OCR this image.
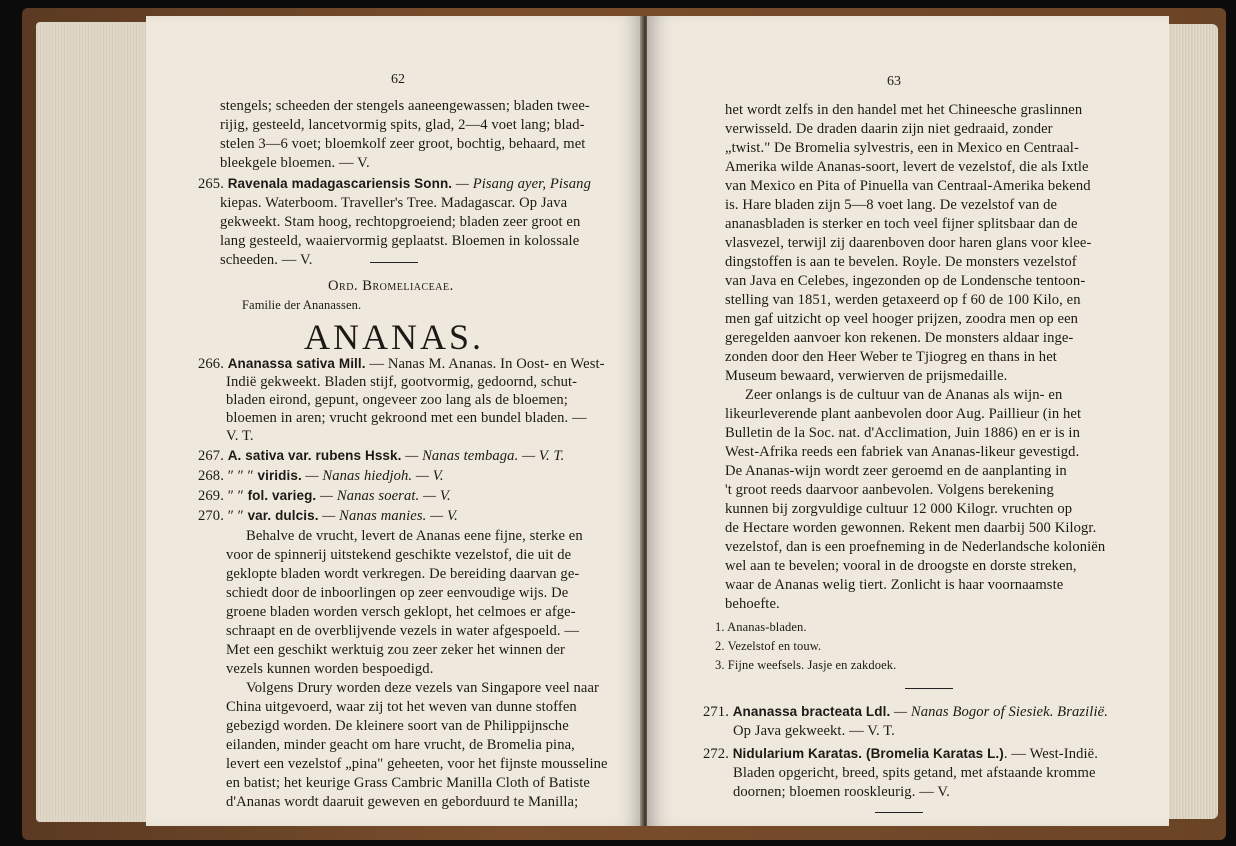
62
stengels; scheeden der stengels aaneengewassen; bladen twee-
rijig, gesteeld, lancetvormig spits, glad, 2—4 voet lang; blad-
stelen 3—6 voet; bloemkolf zeer groot, bochtig, behaard, met
bleekgele bloemen. — V.
265. Ravenala madagascariensis Sonn. — Pisang ayer, Pisang
kiepas. Waterboom. Traveller's Tree. Madagascar. Op Java
gekweekt. Stam hoog, rechtopgroeiend; bladen zeer groot en
lang gesteeld, waaiervormig geplaatst. Bloemen in kolossale
scheeden. — V.
Ord. Bromeliaceae.
Familie der Ananassen.
ANANAS.
266. Ananassa sativa Mill. — Nanas M. Ananas. In Oost- en West-
Indië gekweekt. Bladen stijf, gootvormig, gedoornd, schut-
bladen eirond, gepunt, ongeveer zoo lang als de bloemen;
bloemen in aren; vrucht gekroond met een bundel bladen. —
V. T.
267. A. sativa var. rubens Hssk. — Nanas tembaga. — V. T.
268. ″ ″ ″ viridis. — Nanas hiedjoh. — V.
269. ″ ″ fol. varieg. — Nanas soerat. — V.
270. ″ ″ var. dulcis. — Nanas manies. — V.
Behalve de vrucht, levert de Ananas eene fijne, sterke en
voor de spinnerij uitstekend geschikte vezelstof, die uit de
geklopte bladen wordt verkregen. De bereiding daarvan ge-
schiedt door de inboorlingen op zeer eenvoudige wijs. De
groene bladen worden versch geklopt, het celmoes er afge-
schraapt en de overblijvende vezels in water afgespoeld. —
Met een geschikt werktuig zou zeer zeker het winnen der
vezels kunnen worden bespoedigd.
Volgens Drury worden deze vezels van Singapore veel naar
China uitgevoerd, waar zij tot het weven van dunne stoffen
gebezigd worden. De kleinere soort van de Philippijnsche
eilanden, minder geacht om hare vrucht, de Bromelia pina,
levert een vezelstof „pina" geheeten, voor het fijnste mousseline
en batist; het keurige Grass Cambric Manilla Cloth of Batiste
d'Ananas wordt daaruit geweven en geborduurd te Manilla;
63
het wordt zelfs in den handel met het Chineesche graslinnen
verwisseld. De draden daarin zijn niet gedraaid, zonder
„twist." De Bromelia sylvestris, een in Mexico en Centraal-
Amerika wilde Ananas-soort, levert de vezelstof, die als Ixtle
van Mexico en Pita of Pinuella van Centraal-Amerika bekend
is. Hare bladen zijn 5—8 voet lang. De vezelstof van de
ananasbladen is sterker en toch veel fijner splitsbaar dan de
vlasvezel, terwijl zij daarenboven door haren glans voor klee-
dingstoffen is aan te bevelen. Royle. De monsters vezelstof
van Java en Celebes, ingezonden op de Londensche tentoon-
stelling van 1851, werden getaxeerd op f 60 de 100 Kilo, en
men gaf uitzicht op veel hooger prijzen, zoodra men op een
geregelden aanvoer kon rekenen. De monsters aldaar inge-
zonden door den Heer Weber te Tjiogreg en thans in het
Museum bewaard, verwierven de prijsmedaille.
Zeer onlangs is de cultuur van de Ananas als wijn- en
likeurleverende plant aanbevolen door Aug. Paillieur (in het
Bulletin de la Soc. nat. d'Acclimation, Juin 1886) en er is in
West-Afrika reeds een fabriek van Ananas-likeur gevestigd.
De Ananas-wijn wordt zeer geroemd en de aanplanting in
't groot reeds daarvoor aanbevolen. Volgens berekening
kunnen bij zorgvuldige cultuur 12 000 Kilogr. vruchten op
de Hectare worden gewonnen. Rekent men daarbij 500 Kilogr.
vezelstof, dan is een proefneming in de Nederlandsche koloniën
wel aan te bevelen; vooral in de droogste en dorste streken,
waar de Ananas welig tiert. Zonlicht is haar voornaamste
behoefte.
1. Ananas-bladen.
2. Vezelstof en touw.
3. Fijne weefsels. Jasje en zakdoek.
271. Ananassa bracteata Ldl. — Nanas Bogor of Siesiek. Brazilië.
Op Java gekweekt. — V. T.
272. Nidularium Karatas. (Bromelia Karatas L.). — West-Indië.
Bladen opgericht, breed, spits getand, met afstaande kromme
doornen; bloemen rooskleurig. — V.
